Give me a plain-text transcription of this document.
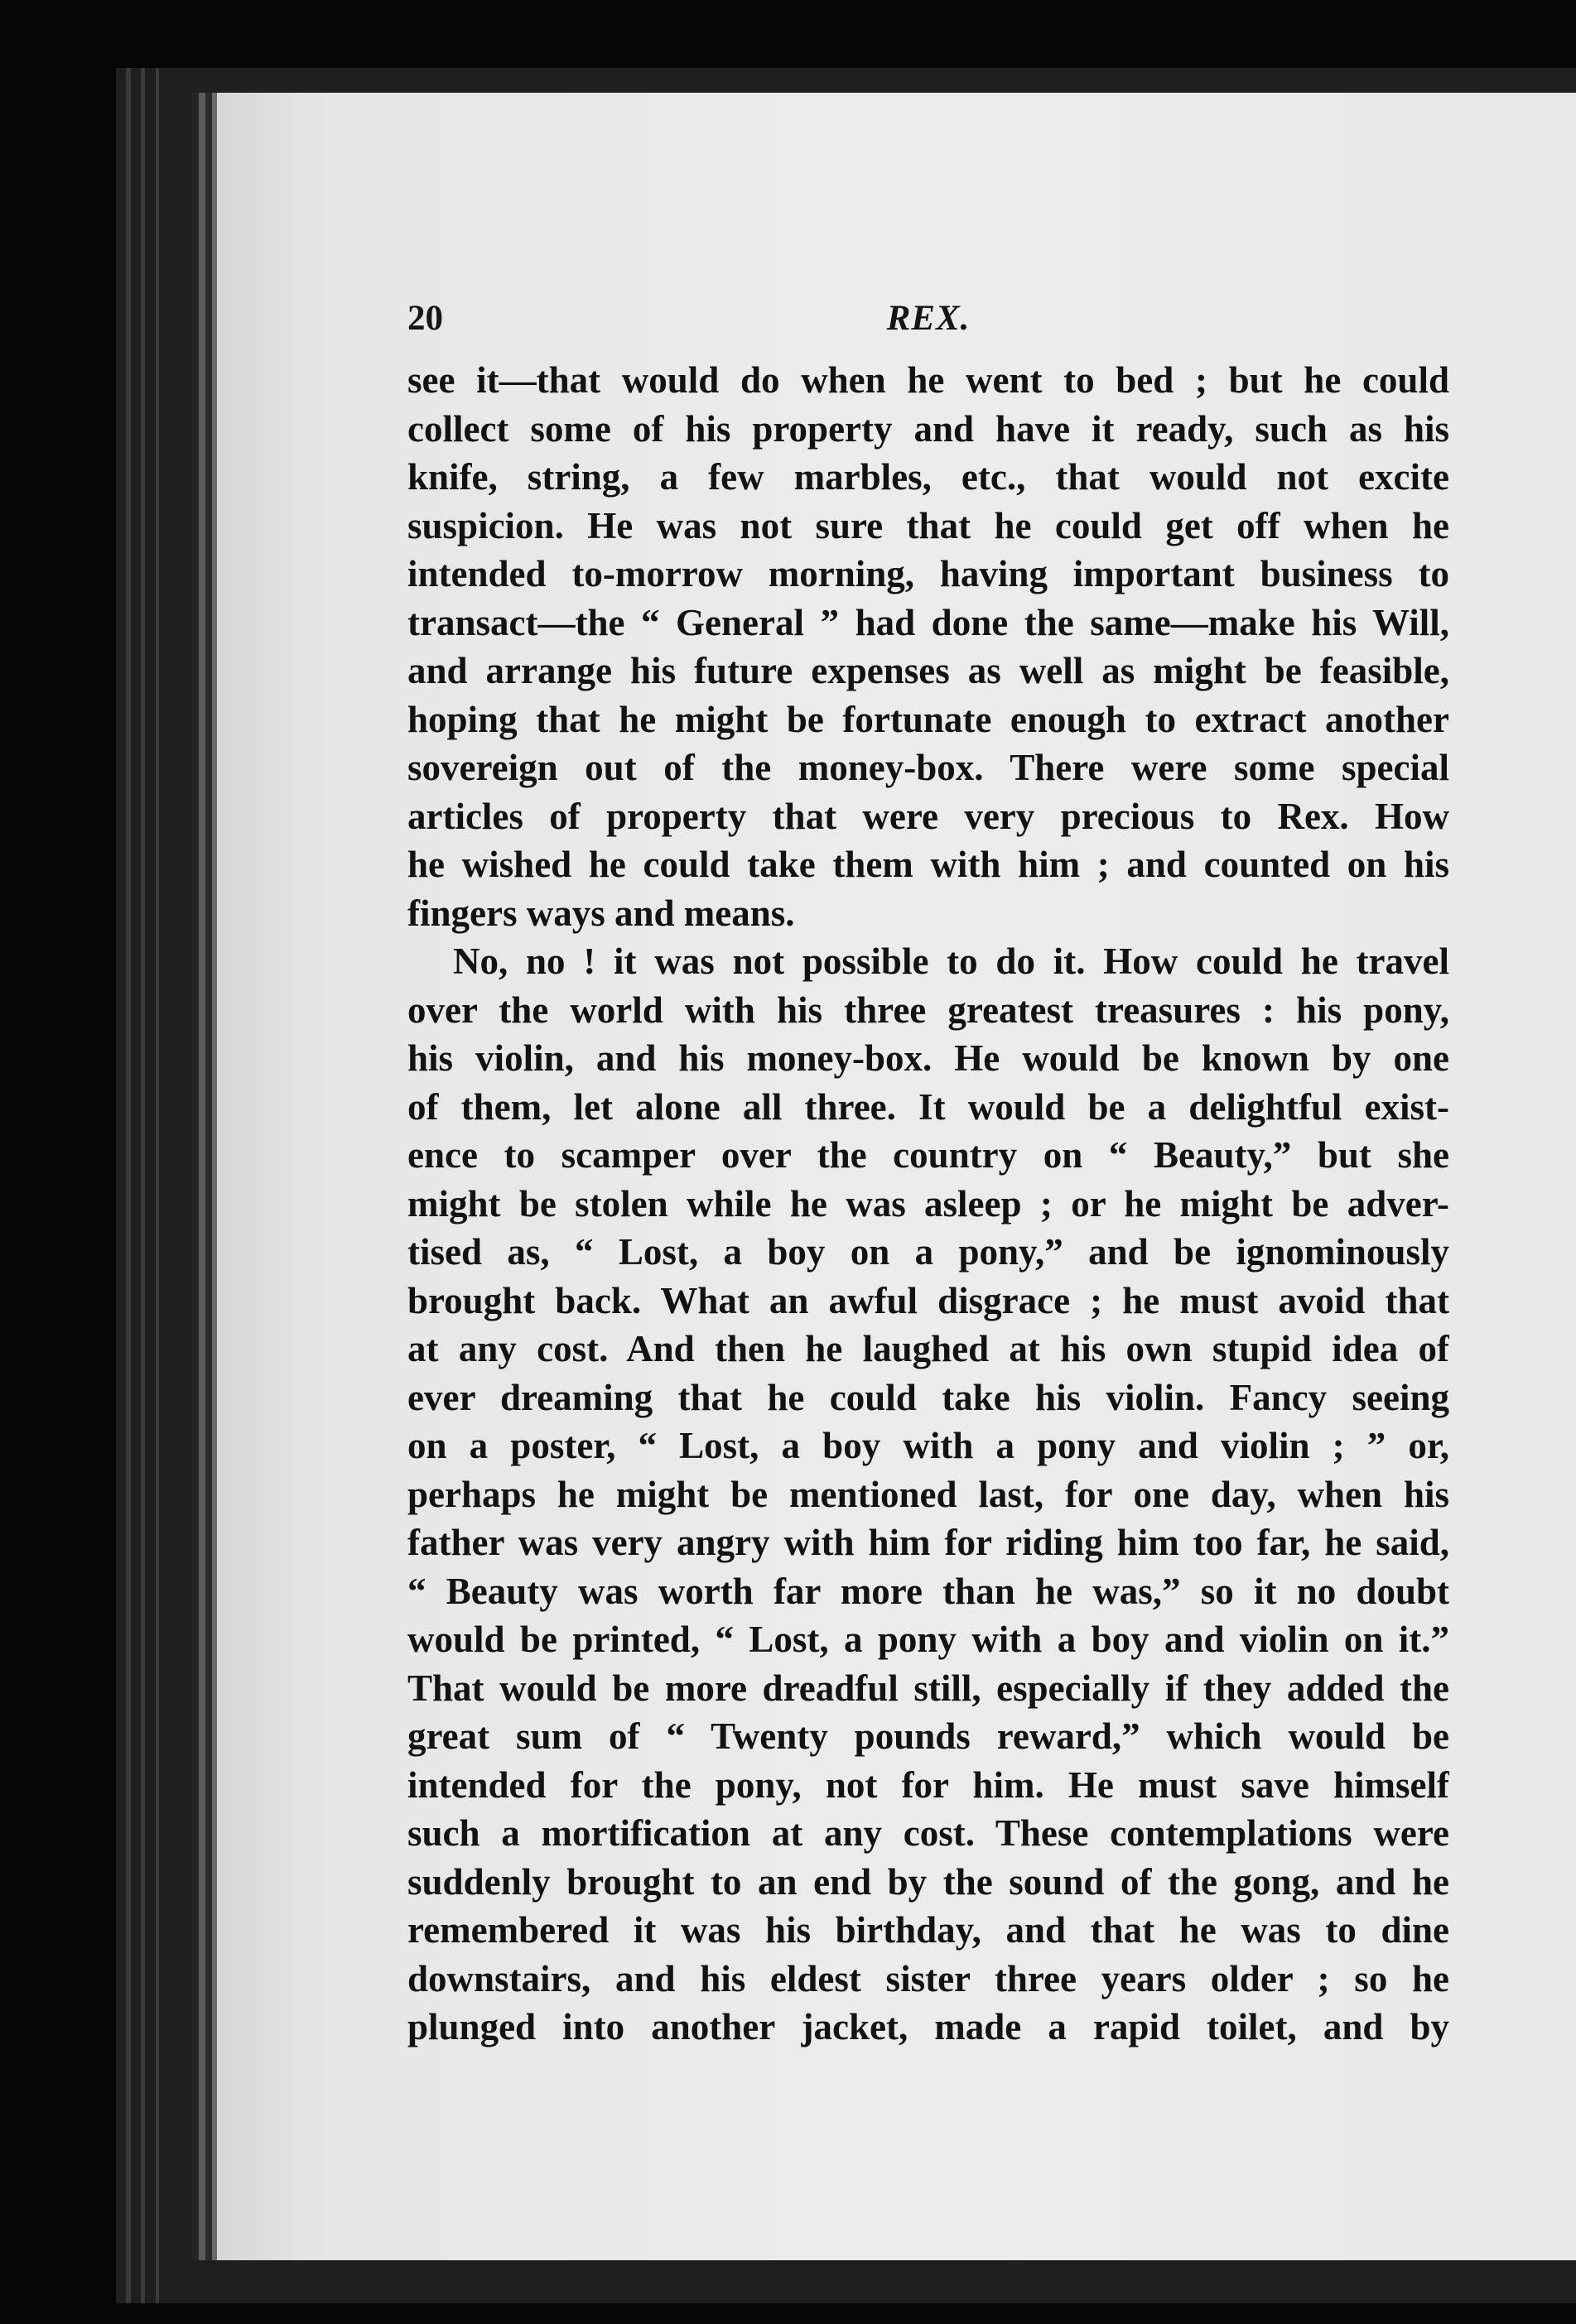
20	REX.
see it—that would do when he went to bed ; but he could
collect some of his property and have it ready, such as his
knife, string, a few marbles, etc., that would not excite
suspicion. He was not sure that he could get off when he
intended to-morrow morning, having important business to
transact—the “ General ” had done the same—make his Will,
and arrange his future expenses as well as might be feasible,
hoping that he might be fortunate enough to extract another
sovereign out of the money-box. There were some special
articles of property that were very precious to Rex. How
he wished he could take them with him ; and counted on his
fingers ways and means.
No, no ! it was not possible to do it. How could he travel
over the world with his three greatest treasures : his pony,
his violin, and his money-box. He would be known by one
of them, let alone all three. It would be a delightful exist-
ence to scamper over the country on “ Beauty,” but she
might be stolen while he was asleep ; or he might be adver-
tised as, “ Lost, a boy on a pony,” and be ignominously
brought back. What an awful disgrace ; he must avoid that
at any cost. And then he laughed at his own stupid idea of
ever dreaming that he could take his violin. Fancy seeing
on a poster, “ Lost, a boy with a pony and violin ; ” or,
perhaps he might be mentioned last, for one day, when his
father was very angry with him for riding him too far, he said,
“ Beauty was worth far more than he was,” so it no doubt
would be printed, “ Lost, a pony with a boy and violin on it.”
That would be more dreadful still, especially if they added the
great sum of “ Twenty pounds reward,” which would be
intended for the pony, not for him. He must save himself
such a mortification at any cost. These contemplations were
suddenly brought to an end by the sound of the gong, and he
remembered it was his birthday, and that he was to dine
downstairs, and his eldest sister three years older ; so he
plunged into another jacket, made a rapid toilet, and by
